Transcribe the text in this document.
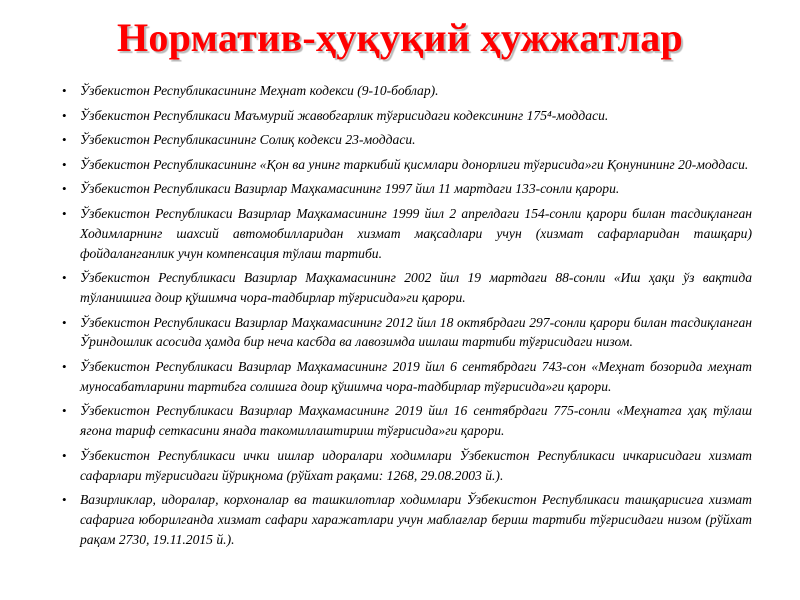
Норматив-ҳуқуқий ҳужжатлар
• Ўзбекистон Республикасининг Меҳнат кодекси (9-10-боблар).
• Ўзбекистон Республикаси Маъмурий жавобгарлик тўғрисидаги кодексининг 175⁴-моддаси.
• Ўзбекистон Республикасининг Солиқ кодекси 23-моддаси.
• Ўзбекистон Республикасининг «Қон ва унинг таркибий қисмлари донорлиги тўғрисида»ги Қонунининг 20-моддаси.
• Ўзбекистон Республикаси Вазирлар Маҳкамасининг 1997 йил 11 мартдаги 133-сонли қарори.
• Ўзбекистон Республикаси Вазирлар Маҳкамасининг 1999 йил 2 апрелдаги 154-сонли қарори билан тасдиқланган Ходимларнинг шахсий автомобилларидан хизмат мақсадлари учун (хизмат сафарларидан ташқари) фойдаланганлик учун компенсация тўлаш тартиби.
• Ўзбекистон Республикаси Вазирлар Маҳкамасининг 2002 йил 19 мартдаги 88-сонли «Иш ҳақи ўз вақтида тўланишига доир қўшимча чора-тадбирлар тўғрисида»ги қарори.
• Ўзбекистон Республикаси Вазирлар Маҳкамасининг 2012 йил 18 октябрдаги 297-сонли қарори билан тасдиқланган Ўриндошлик асосида ҳамда бир неча касбда ва лавозимда ишлаш тартиби тўғрисидаги низом.
• Ўзбекистон Республикаси Вазирлар Маҳкамасининг 2019 йил 6 сентябрдаги 743-сон «Меҳнат бозорида меҳнат муносабатларини тартибга солишга доир қўшимча чора-тадбирлар тўғрисида»ги қарори.
• Ўзбекистон Республикаси Вазирлар Маҳкамасининг 2019 йил 16 сентябрдаги 775-сонли «Меҳнатга ҳақ тўлаш ягона тариф сеткасини янада такомиллаштириш тўғрисида»ги қарори.
• Ўзбекистон Республикаси ички ишлар идоралари ходимлари Ўзбекистон Республикаси ичкарисидаги хизмат сафарлари тўғрисидаги йўриқнома (рўйхат рақами: 1268, 29.08.2003 й.).
• Вазирликлар, идоралар, корхоналар ва ташкилотлар ходимлари Ўзбекистон Республикаси ташқарисига хизмат сафарига юборилганда хизмат сафари харажатлари учун маблағлар бериш тартиби тўғрисидаги низом (рўйхат рақам 2730, 19.11.2015 й.).
